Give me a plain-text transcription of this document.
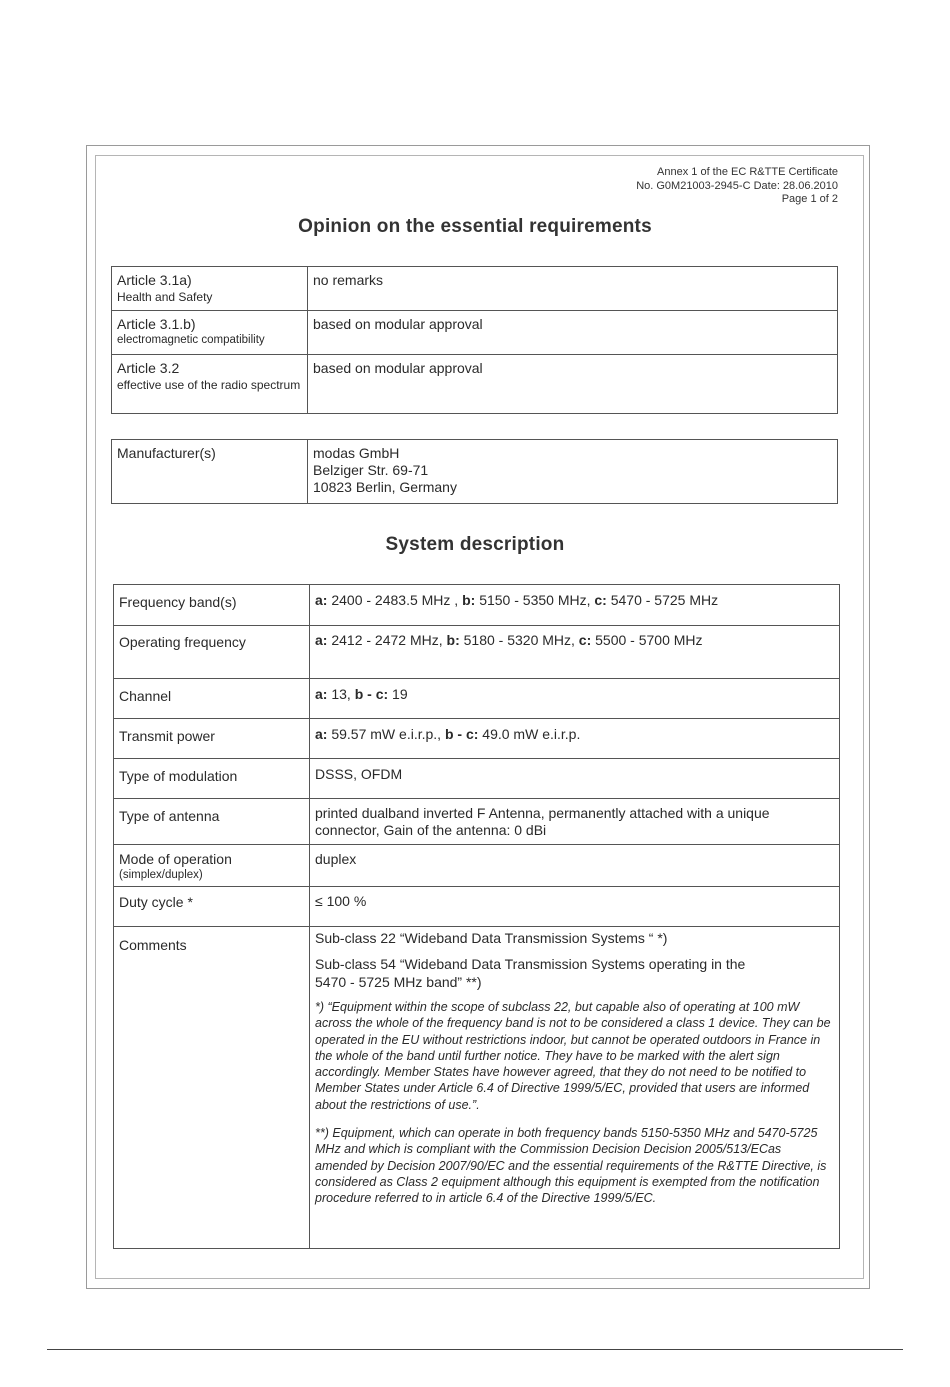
Annex 1 of the EC R&TTE Certificate
No. G0M21003-2945-C Date: 28.06.2010
Page 1 of 2
Opinion on the essential requirements
Article 3.1a)
Health and Safety	no remarks

Article 3.1.b)
electromagnetic compatibility	based on modular approval

Article 3.2
effective use of the radio spectrum	based on modular approval
Manufacturer(s)	modas GmbH
Belziger Str. 69-71
10823 Berlin, Germany
System description
Frequency band(s)	a: 2400 - 2483.5 MHz , b: 5150 - 5350 MHz, c: 5470 - 5725 MHz
Operating frequency	a: 2412 - 2472 MHz, b: 5180 - 5320 MHz, c: 5500 - 5700 MHz
Channel	a: 13, b - c: 19
Transmit power	a: 59.57 mW e.i.r.p., b - c: 49.0 mW e.i.r.p.
Type of modulation	DSSS, OFDM
Type of antenna	printed dualband inverted F Antenna, permanently attached with a unique connector, Gain of the antenna: 0 dBi

Mode of operation
(simplex/duplex)	duplex
Duty cycle *	≤ 100 %
Comments	Sub-class 22 “Wideband Data Transmission Systems “ *)

Sub-class 54 “Wideband Data Transmission Systems operating in the 5470 - 5725 MHz band” **)

*) “Equipment within the scope of subclass 22, but capable also of operating at 100 mW across the whole of the frequency band is not to be considered a class 1 device. They can be operated in the EU without restrictions indoor, but cannot be operated outdoors in France in the whole of the band until further notice. They have to be marked with the alert sign accordingly. Member States have however agreed, that they do not need to be notified to Member States under Article 6.4 of Directive 1999/5/EC, provided that users are informed about the restrictions of use.”.

**) Equipment, which can operate in both frequency bands 5150-5350 MHz and 5470-5725 MHz and which is compliant with the Commission Decision Decision 2005/513/ECas amended by Decision 2007/90/EC and the essential requirements of the R&TTE Directive, is considered as Class 2 equipment although this equipment is exempted from the notification procedure referred to in article 6.4 of the Directive 1999/5/EC.
